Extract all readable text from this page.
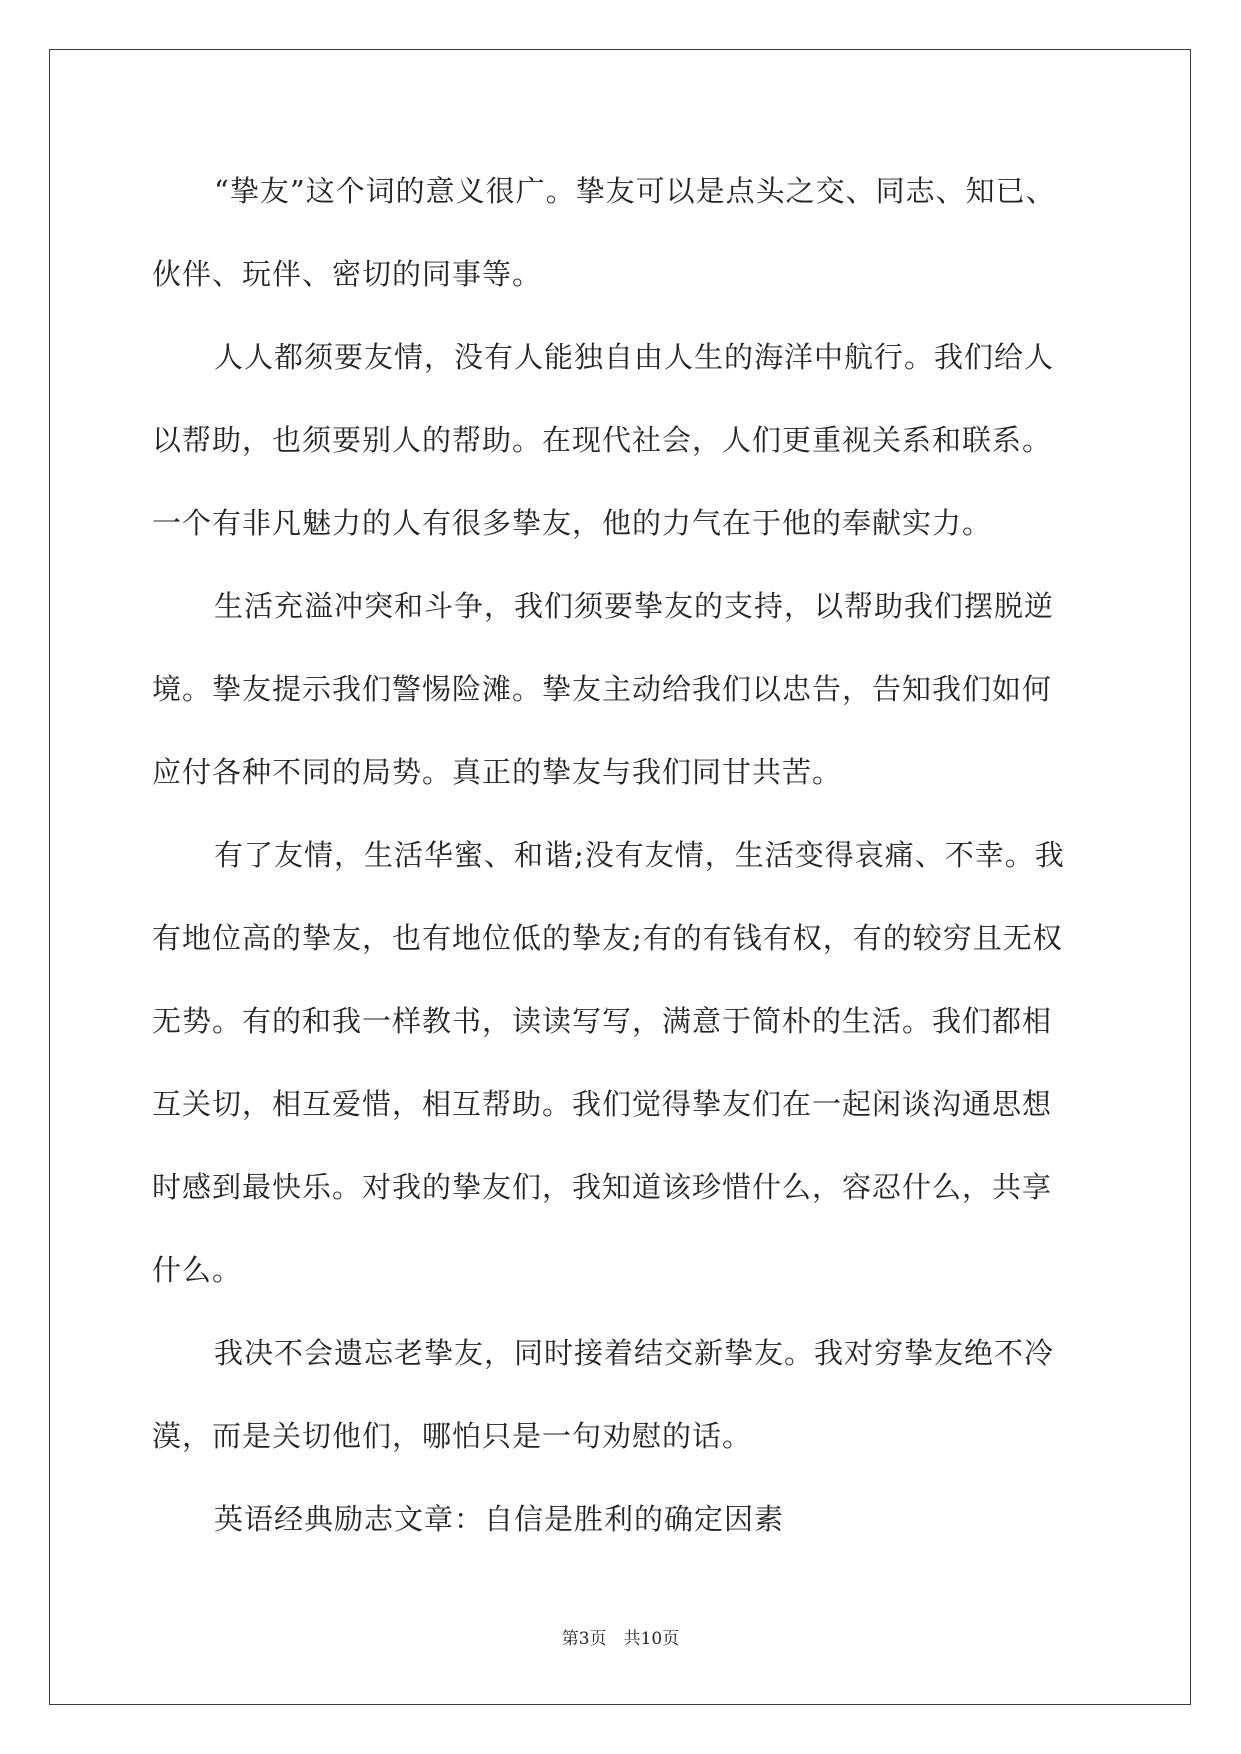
“挚友”这个词的意义很广。挚友可以是点头之交、同志、知已、
伙伴、玩伴、密切的同事等。
人人都须要友情，没有人能独自由人生的海洋中航行。我们给人
以帮助，也须要别人的帮助。在现代社会，人们更重视关系和联系。
一个有非凡魅力的人有很多挚友，他的力气在于他的奉献实力。
生活充溢冲突和斗争，我们须要挚友的支持，以帮助我们摆脱逆
境。挚友提示我们警惕险滩。挚友主动给我们以忠告，告知我们如何
应付各种不同的局势。真正的挚友与我们同甘共苦。
有了友情，生活华蜜、和谐;没有友情，生活变得哀痛、不幸。我
有地位高的挚友，也有地位低的挚友;有的有钱有权，有的较穷且无权
无势。有的和我一样教书，读读写写，满意于简朴的生活。我们都相
互关切，相互爱惜，相互帮助。我们觉得挚友们在一起闲谈沟通思想
时感到最快乐。对我的挚友们，我知道该珍惜什么，容忍什么，共享
什么。
我决不会遗忘老挚友，同时接着结交新挚友。我对穷挚友绝不冷
漠，而是关切他们，哪怕只是一句劝慰的话。
英语经典励志文章：自信是胜利的确定因素
第3页　共10页
